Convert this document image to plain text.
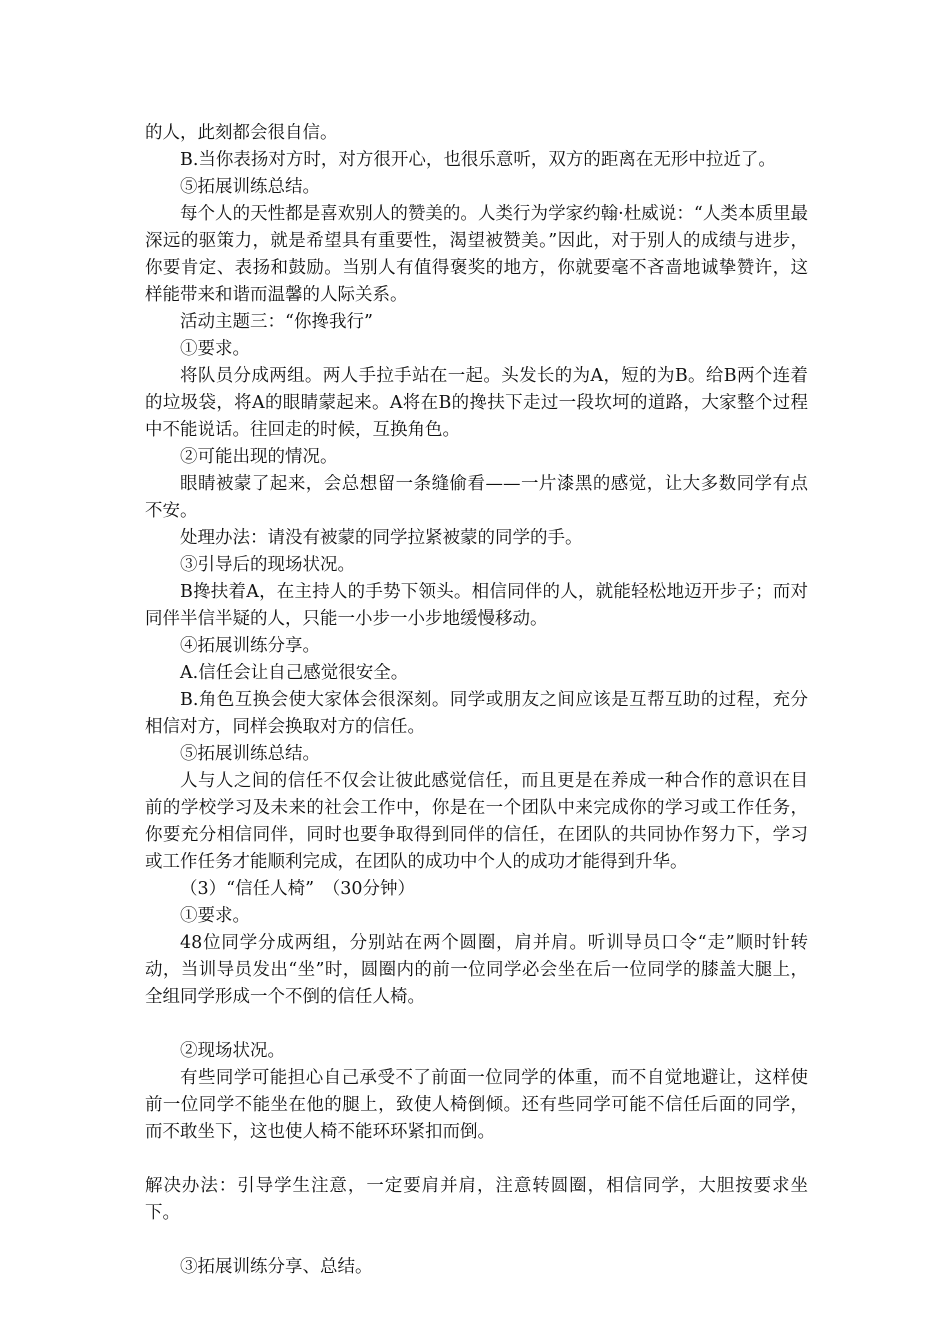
的人，此刻都会很自信。

B.当你表扬对方时，对方很开心，也很乐意听，双方的距离在无形中拉近了。

⑤拓展训练总结。

每个人的天性都是喜欢别人的赞美的。人类行为学家约翰·杜威说：“人类本质里最深远的驱策力，就是希望具有重要性，渴望被赞美。”因此，对于别人的成绩与进步，你要肯定、表扬和鼓励。当别人有值得褒奖的地方，你就要毫不吝啬地诚挚赞许，这样能带来和谐而温馨的人际关系。

活动主题三：“你搀我行”

①要求。

将队员分成两组。两人手拉手站在一起。头发长的为A，短的为B。给B两个连着的垃圾袋，将A的眼睛蒙起来。A将在B的搀扶下走过一段坎坷的道路，大家整个过程中不能说话。往回走的时候，互换角色。

②可能出现的情况。

眼睛被蒙了起来，会总想留一条缝偷看——一片漆黑的感觉，让大多数同学有点不安。

处理办法：请没有被蒙的同学拉紧被蒙的同学的手。

③引导后的现场状况。

B搀扶着A，在主持人的手势下领头。相信同伴的人，就能轻松地迈开步子；而对同伴半信半疑的人，只能一小步一小步地缓慢移动。

④拓展训练分享。

A.信任会让自己感觉很安全。

B.角色互换会使大家体会很深刻。同学或朋友之间应该是互帮互助的过程，充分相信对方，同样会换取对方的信任。

⑤拓展训练总结。

人与人之间的信任不仅会让彼此感觉信任，而且更是在养成一种合作的意识在目前的学校学习及未来的社会工作中，你是在一个团队中来完成你的学习或工作任务，你要充分相信同伴，同时也要争取得到同伴的信任，在团队的共同协作努力下，学习或工作任务才能顺利完成，在团队的成功中个人的成功才能得到升华。

（3）“信任人椅”　（30分钟）

①要求。

48位同学分成两组，分别站在两个圆圈，肩并肩。听训导员口令“走”顺时针转动，当训导员发出“坐”时，圆圈内的前一位同学必会坐在后一位同学的膝盖大腿上，全组同学形成一个不倒的信任人椅。

②现场状况。

有些同学可能担心自己承受不了前面一位同学的体重，而不自觉地避让，这样使前一位同学不能坐在他的腿上，致使人椅倒倾。还有些同学可能不信任后面的同学，而不敢坐下，这也使人椅不能环环紧扣而倒。

解决办法：引导学生注意，一定要肩并肩，注意转圆圈，相信同学，大胆按要求坐下。

③拓展训练分享、总结。
